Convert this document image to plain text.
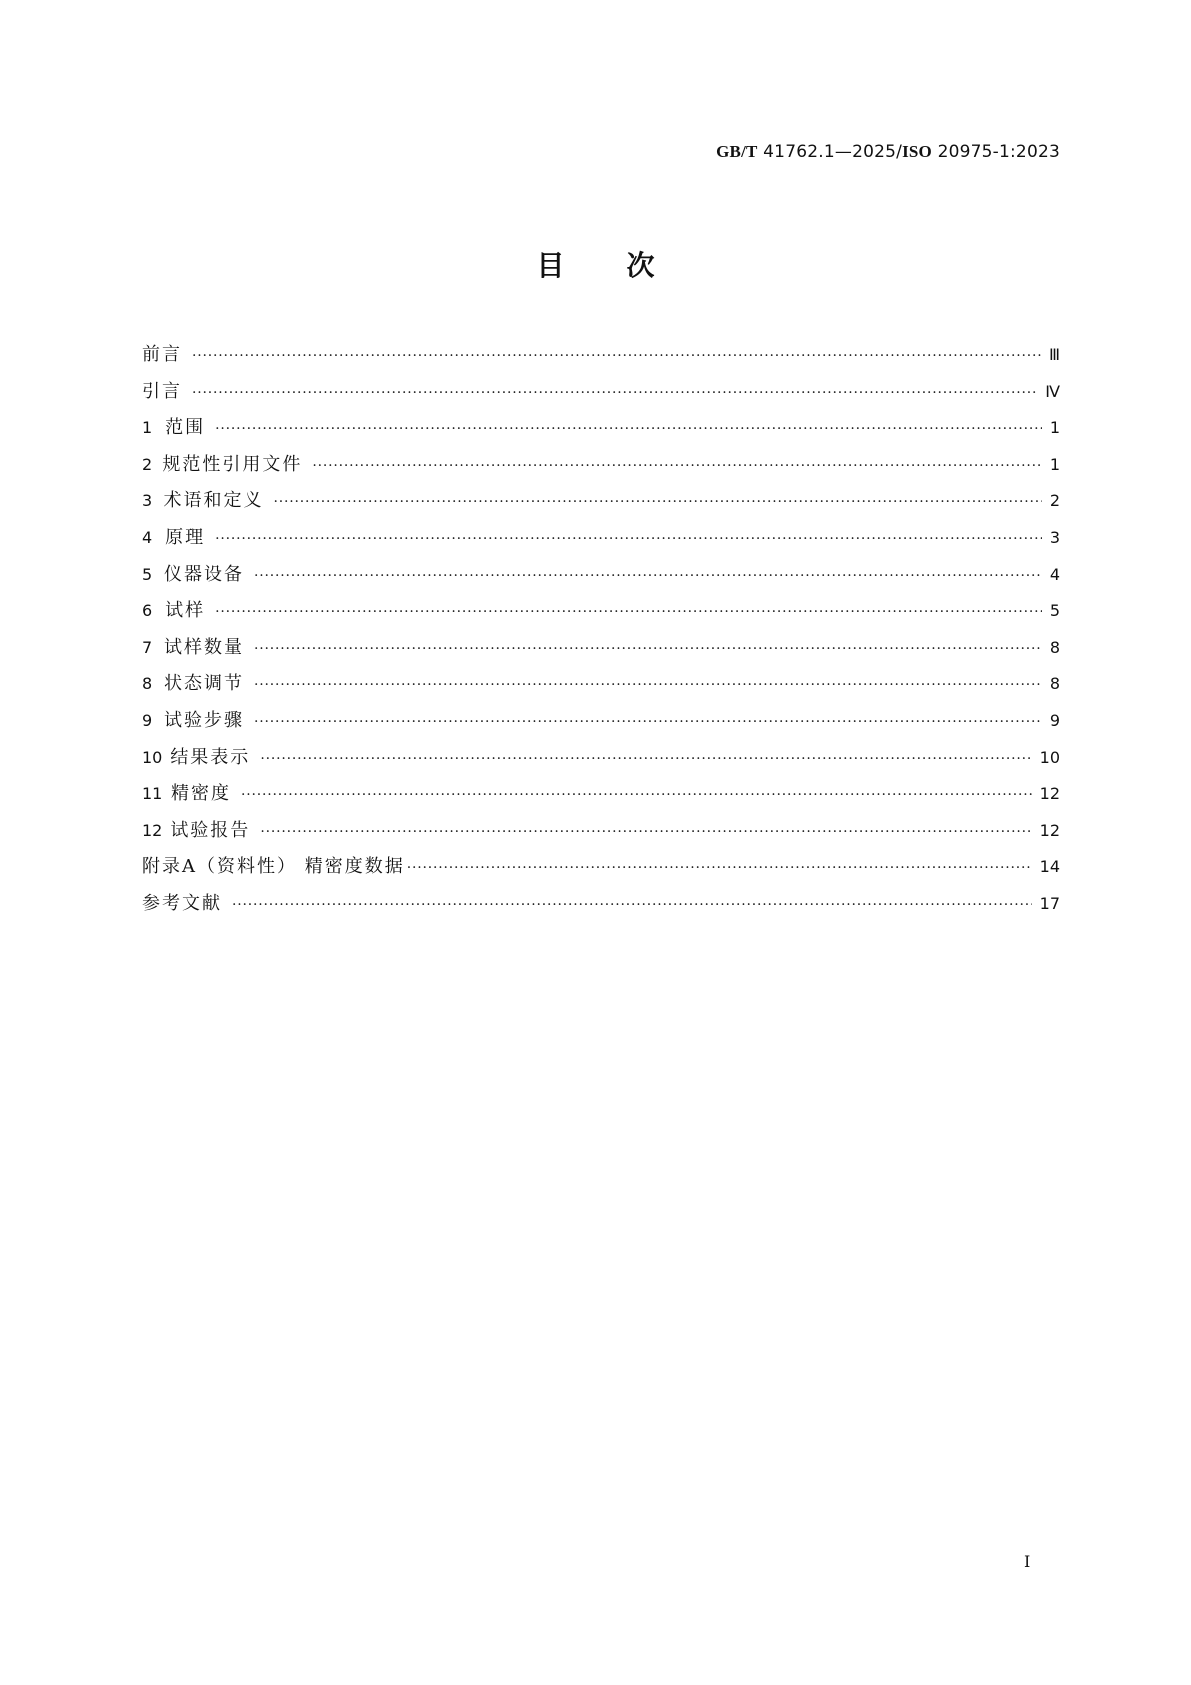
GB/T 41762.1—2025/ISO 20975-1:2023
目次
前言 ·····	Ⅲ
引言 ·····	Ⅳ
1 范围 ·····	1
2 规范性引用文件 ·····	1
3 术语和定义 ·····	2
4 原理 ·····	3
5 仪器设备 ·····	4
6 试样 ·····	5
7 试样数量 ·····	8
8 状态调节 ·····	8
9 试验步骤 ·····	9
10 结果表示 ·····	10
11 精密度 ·····	12
12 试验报告 ·····	12
附录A（资料性） 精密度数据 ·····	14
参考文献 ·····	17
Ⅰ
